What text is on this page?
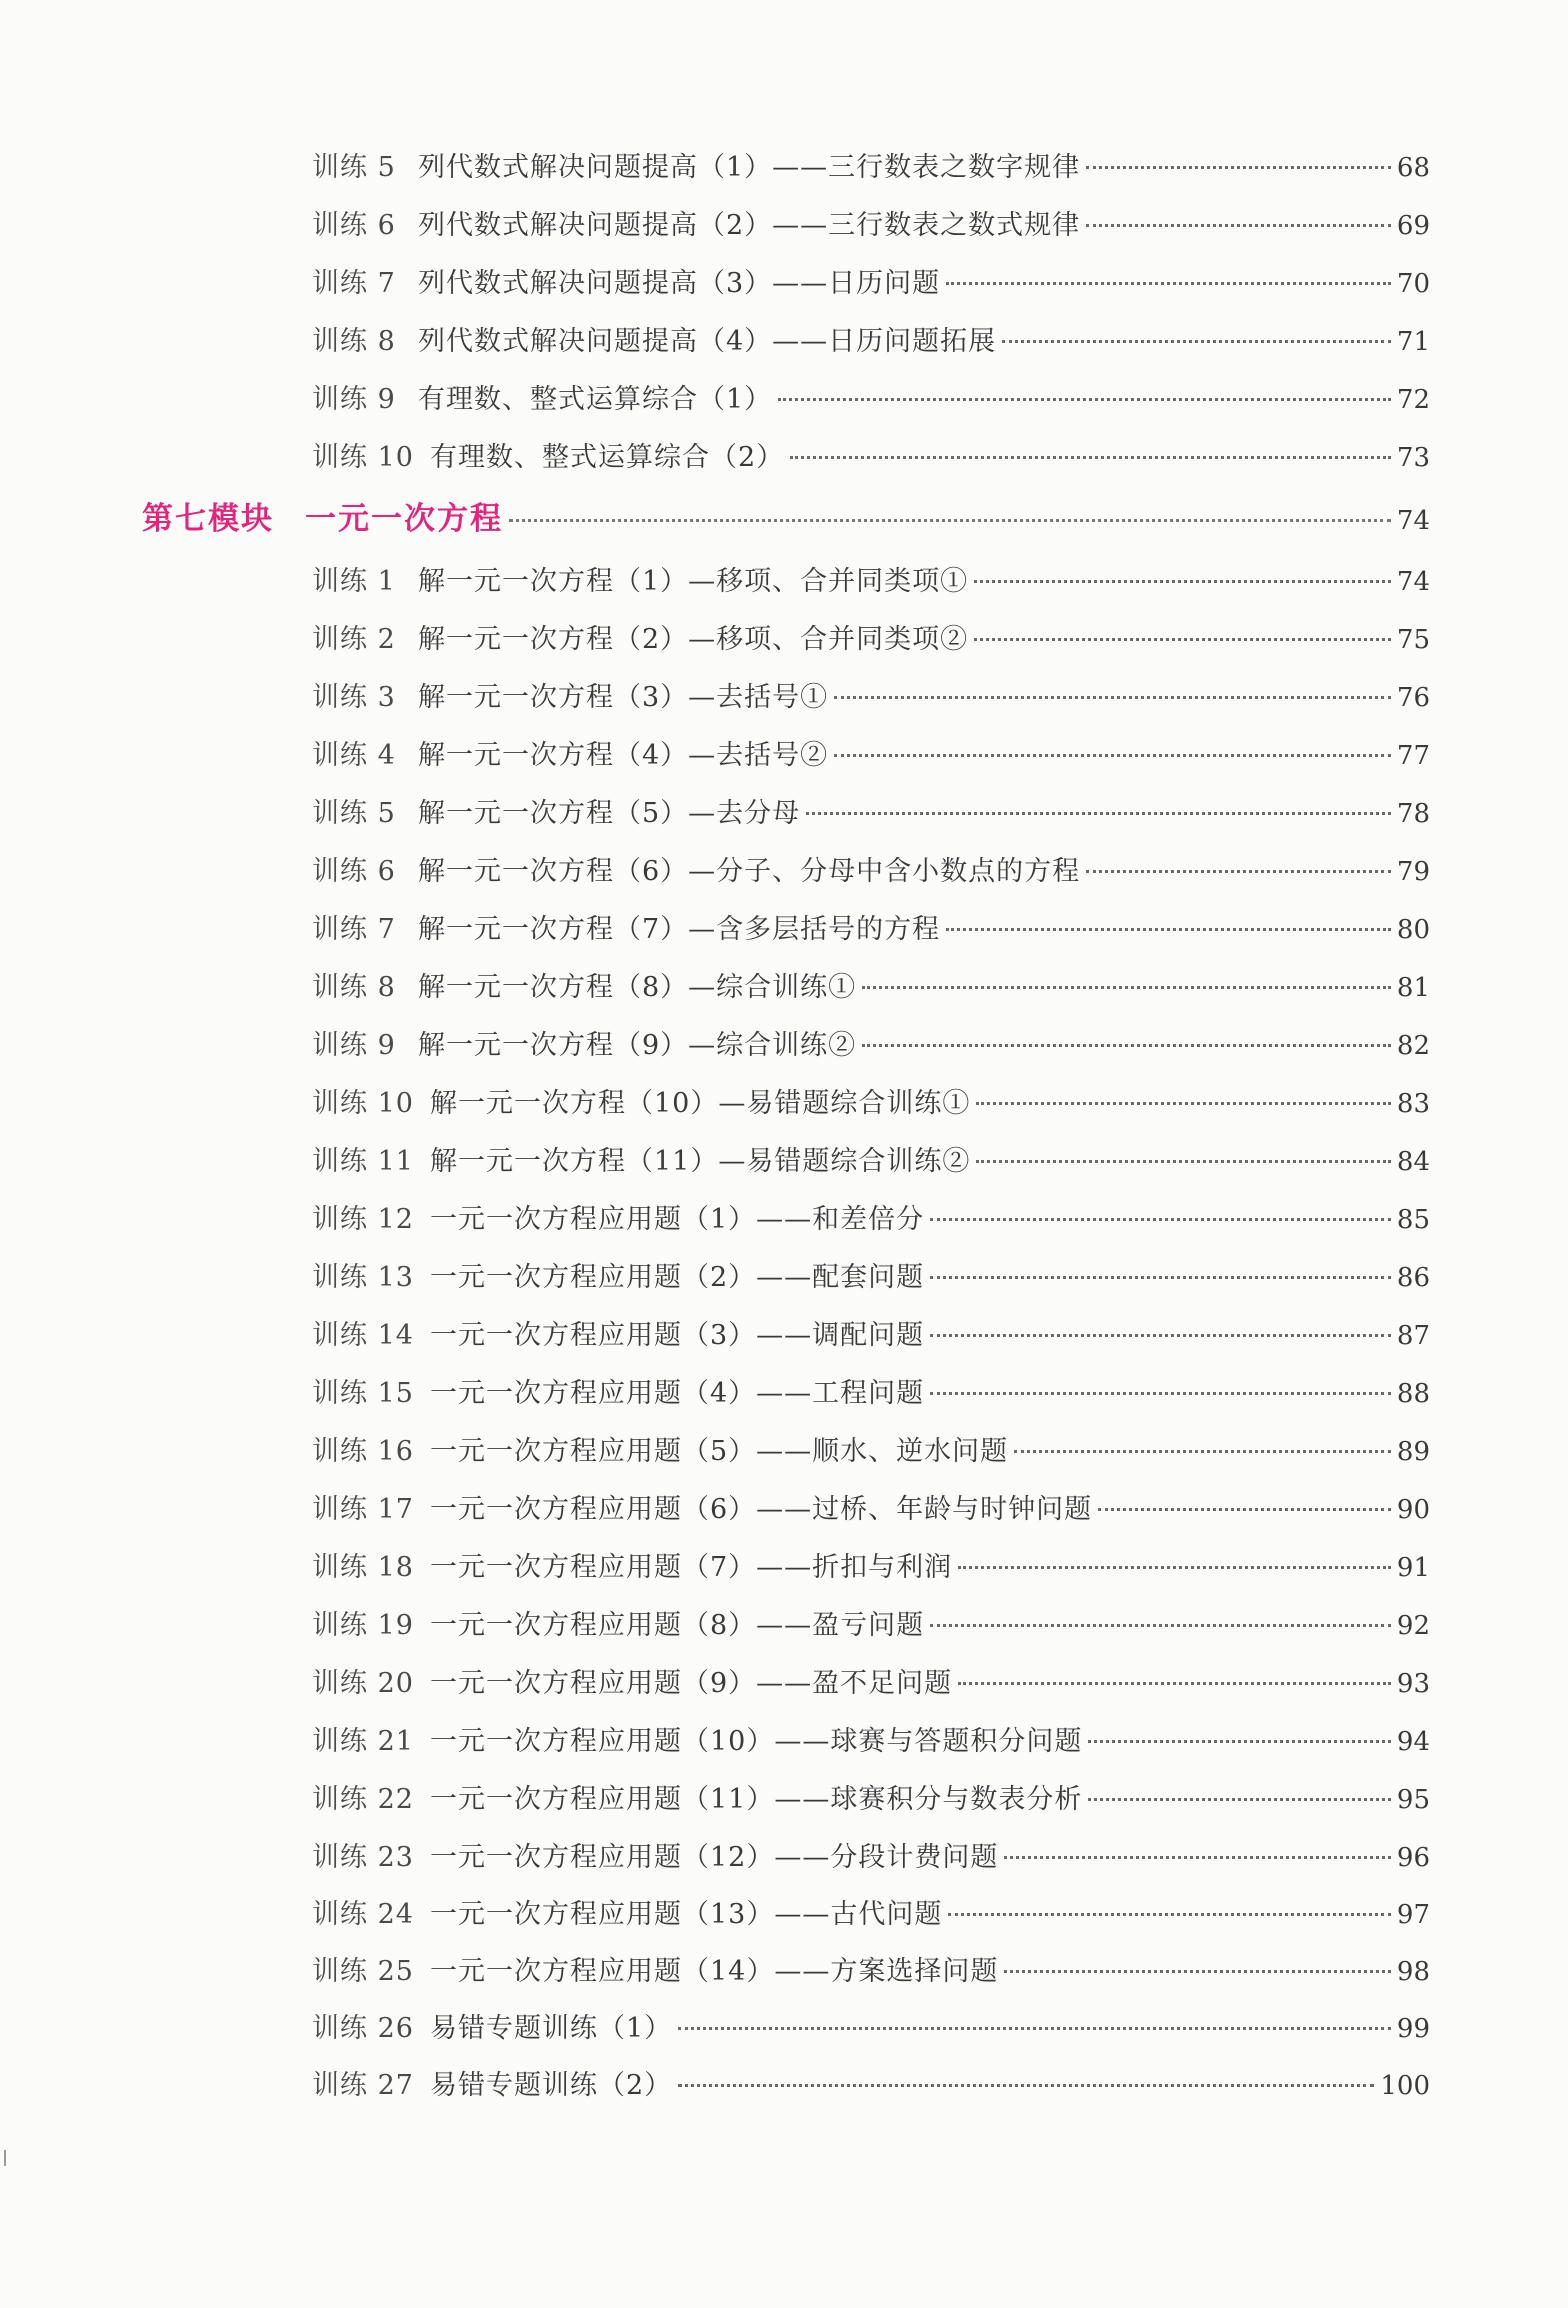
训练 5 列代数式解决问题提高（1）——三行数表之数字规律	68
训练 6 列代数式解决问题提高（2）——三行数表之数式规律	69
训练 7 列代数式解决问题提高（3）——日历问题	70
训练 8 列代数式解决问题提高（4）——日历问题拓展	71
训练 9 有理数、整式运算综合（1）	72
训练 10 有理数、整式运算综合（2）	73
第七模块	一元一次方程	74
训练 1 解一元一次方程（1）—移项、合并同类项①	74
训练 2 解一元一次方程（2）—移项、合并同类项②	75
训练 3 解一元一次方程（3）—去括号①	76
训练 4 解一元一次方程（4）—去括号②	77
训练 5 解一元一次方程（5）—去分母	78
训练 6 解一元一次方程（6）—分子、分母中含小数点的方程	79
训练 7 解一元一次方程（7）—含多层括号的方程	80
训练 8 解一元一次方程（8）—综合训练①	81
训练 9 解一元一次方程（9）—综合训练②	82
训练 10 解一元一次方程（10）—易错题综合训练①	83
训练 11 解一元一次方程（11）—易错题综合训练②	84
训练 12 一元一次方程应用题（1）——和差倍分	85
训练 13 一元一次方程应用题（2）——配套问题	86
训练 14 一元一次方程应用题（3）——调配问题	87
训练 15 一元一次方程应用题（4）——工程问题	88
训练 16 一元一次方程应用题（5）——顺水、逆水问题	89
训练 17 一元一次方程应用题（6）——过桥、年龄与时钟问题	90
训练 18 一元一次方程应用题（7）——折扣与利润	91
训练 19 一元一次方程应用题（8）——盈亏问题	92
训练 20 一元一次方程应用题（9）——盈不足问题	93
训练 21 一元一次方程应用题（10）——球赛与答题积分问题	94
训练 22 一元一次方程应用题（11）——球赛积分与数表分析	95
训练 23 一元一次方程应用题（12）——分段计费问题	96
训练 24 一元一次方程应用题（13）——古代问题	97
训练 25 一元一次方程应用题（14）——方案选择问题	98
训练 26 易错专题训练（1）	99
训练 27 易错专题训练（2）	100
